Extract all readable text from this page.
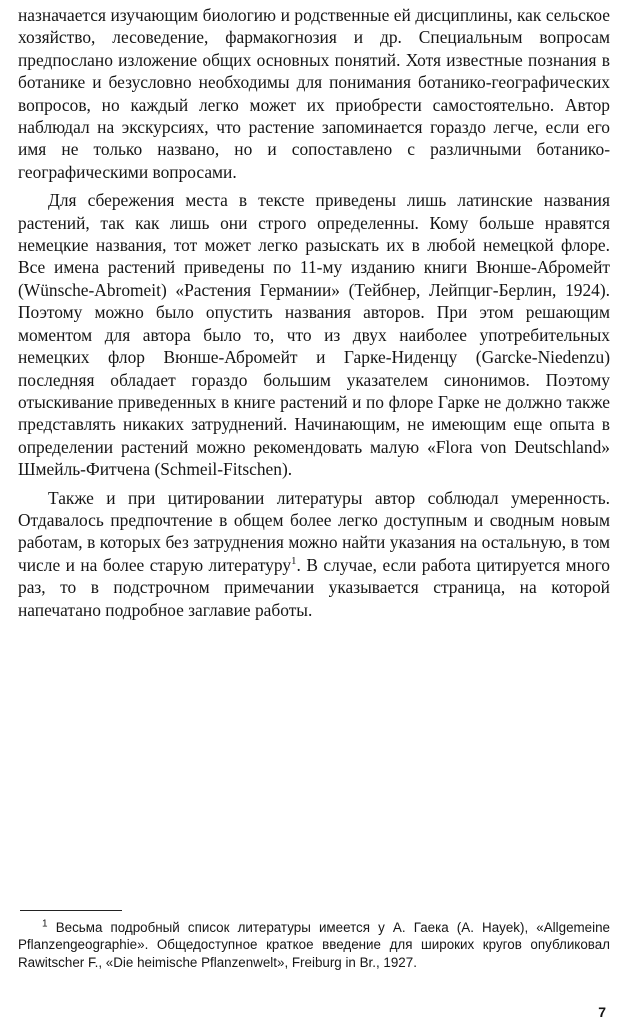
назначается изучающим биологию и родственные ей дисциплины, как сельское хозяйство, лесоведение, фармакогнозия и др. Специальным вопросам предпослано изложение общих основных понятий. Хотя известные познания в ботанике и безусловно необходимы для понимания ботанико-географических вопросов, но каждый легко может их приобрести самостоятельно. Автор наблюдал на экскурсиях, что растение запоминается гораздо легче, если его имя не только названо, но и сопоставлено с различными ботанико-географическими вопросами.

Для сбережения места в тексте приведены лишь латинские названия растений, так как лишь они строго определенны. Кому больше нравятся немецкие названия, тот может легко разыскать их в любой немецкой флоре. Все имена растений приведены по 11-му изданию книги Вюнше-Абромейт (Wünsche-Abromeit) «Растения Германии» (Тейбнер, Лейпциг-Берлин, 1924). Поэтому можно было опустить названия авторов. При этом решающим моментом для автора было то, что из двух наиболее употребительных немецких флор Вюнше-Абромейт и Гарке-Ниденцу (Garcke-Niedenzu) последняя обладает гораздо большим указателем синонимов. Поэтому отыскивание приведенных в книге растений и по флоре Гарке не должно также представлять никаких затруднений. Начинающим, не имеющим еще опыта в определении растений можно рекомендовать малую «Flora von Deutschland» Шмейль-Фитчена (Schmeil-Fitschen).

Также и при цитировании литературы автор соблюдал умеренность. Отдавалось предпочтение в общем более легко доступным и сводным новым работам, в которых без затруднения можно найти указания на остальную, в том числе и на более старую литературу$^1$. В случае, если работа цитируется много раз, то в подстрочном примечании указывается страница, на которой напечатано подробное заглавие работы.

$^1$ Весьма подробный список литературы имеется у А. Гаека (A. Hayek), «Allgemeine Pflanzengeographie». Общедоступное краткое введение для широких кругов опубликовал Rawitscher F., «Die heimische Pflanzenwelt», Freiburg in Br., 1927.

7
